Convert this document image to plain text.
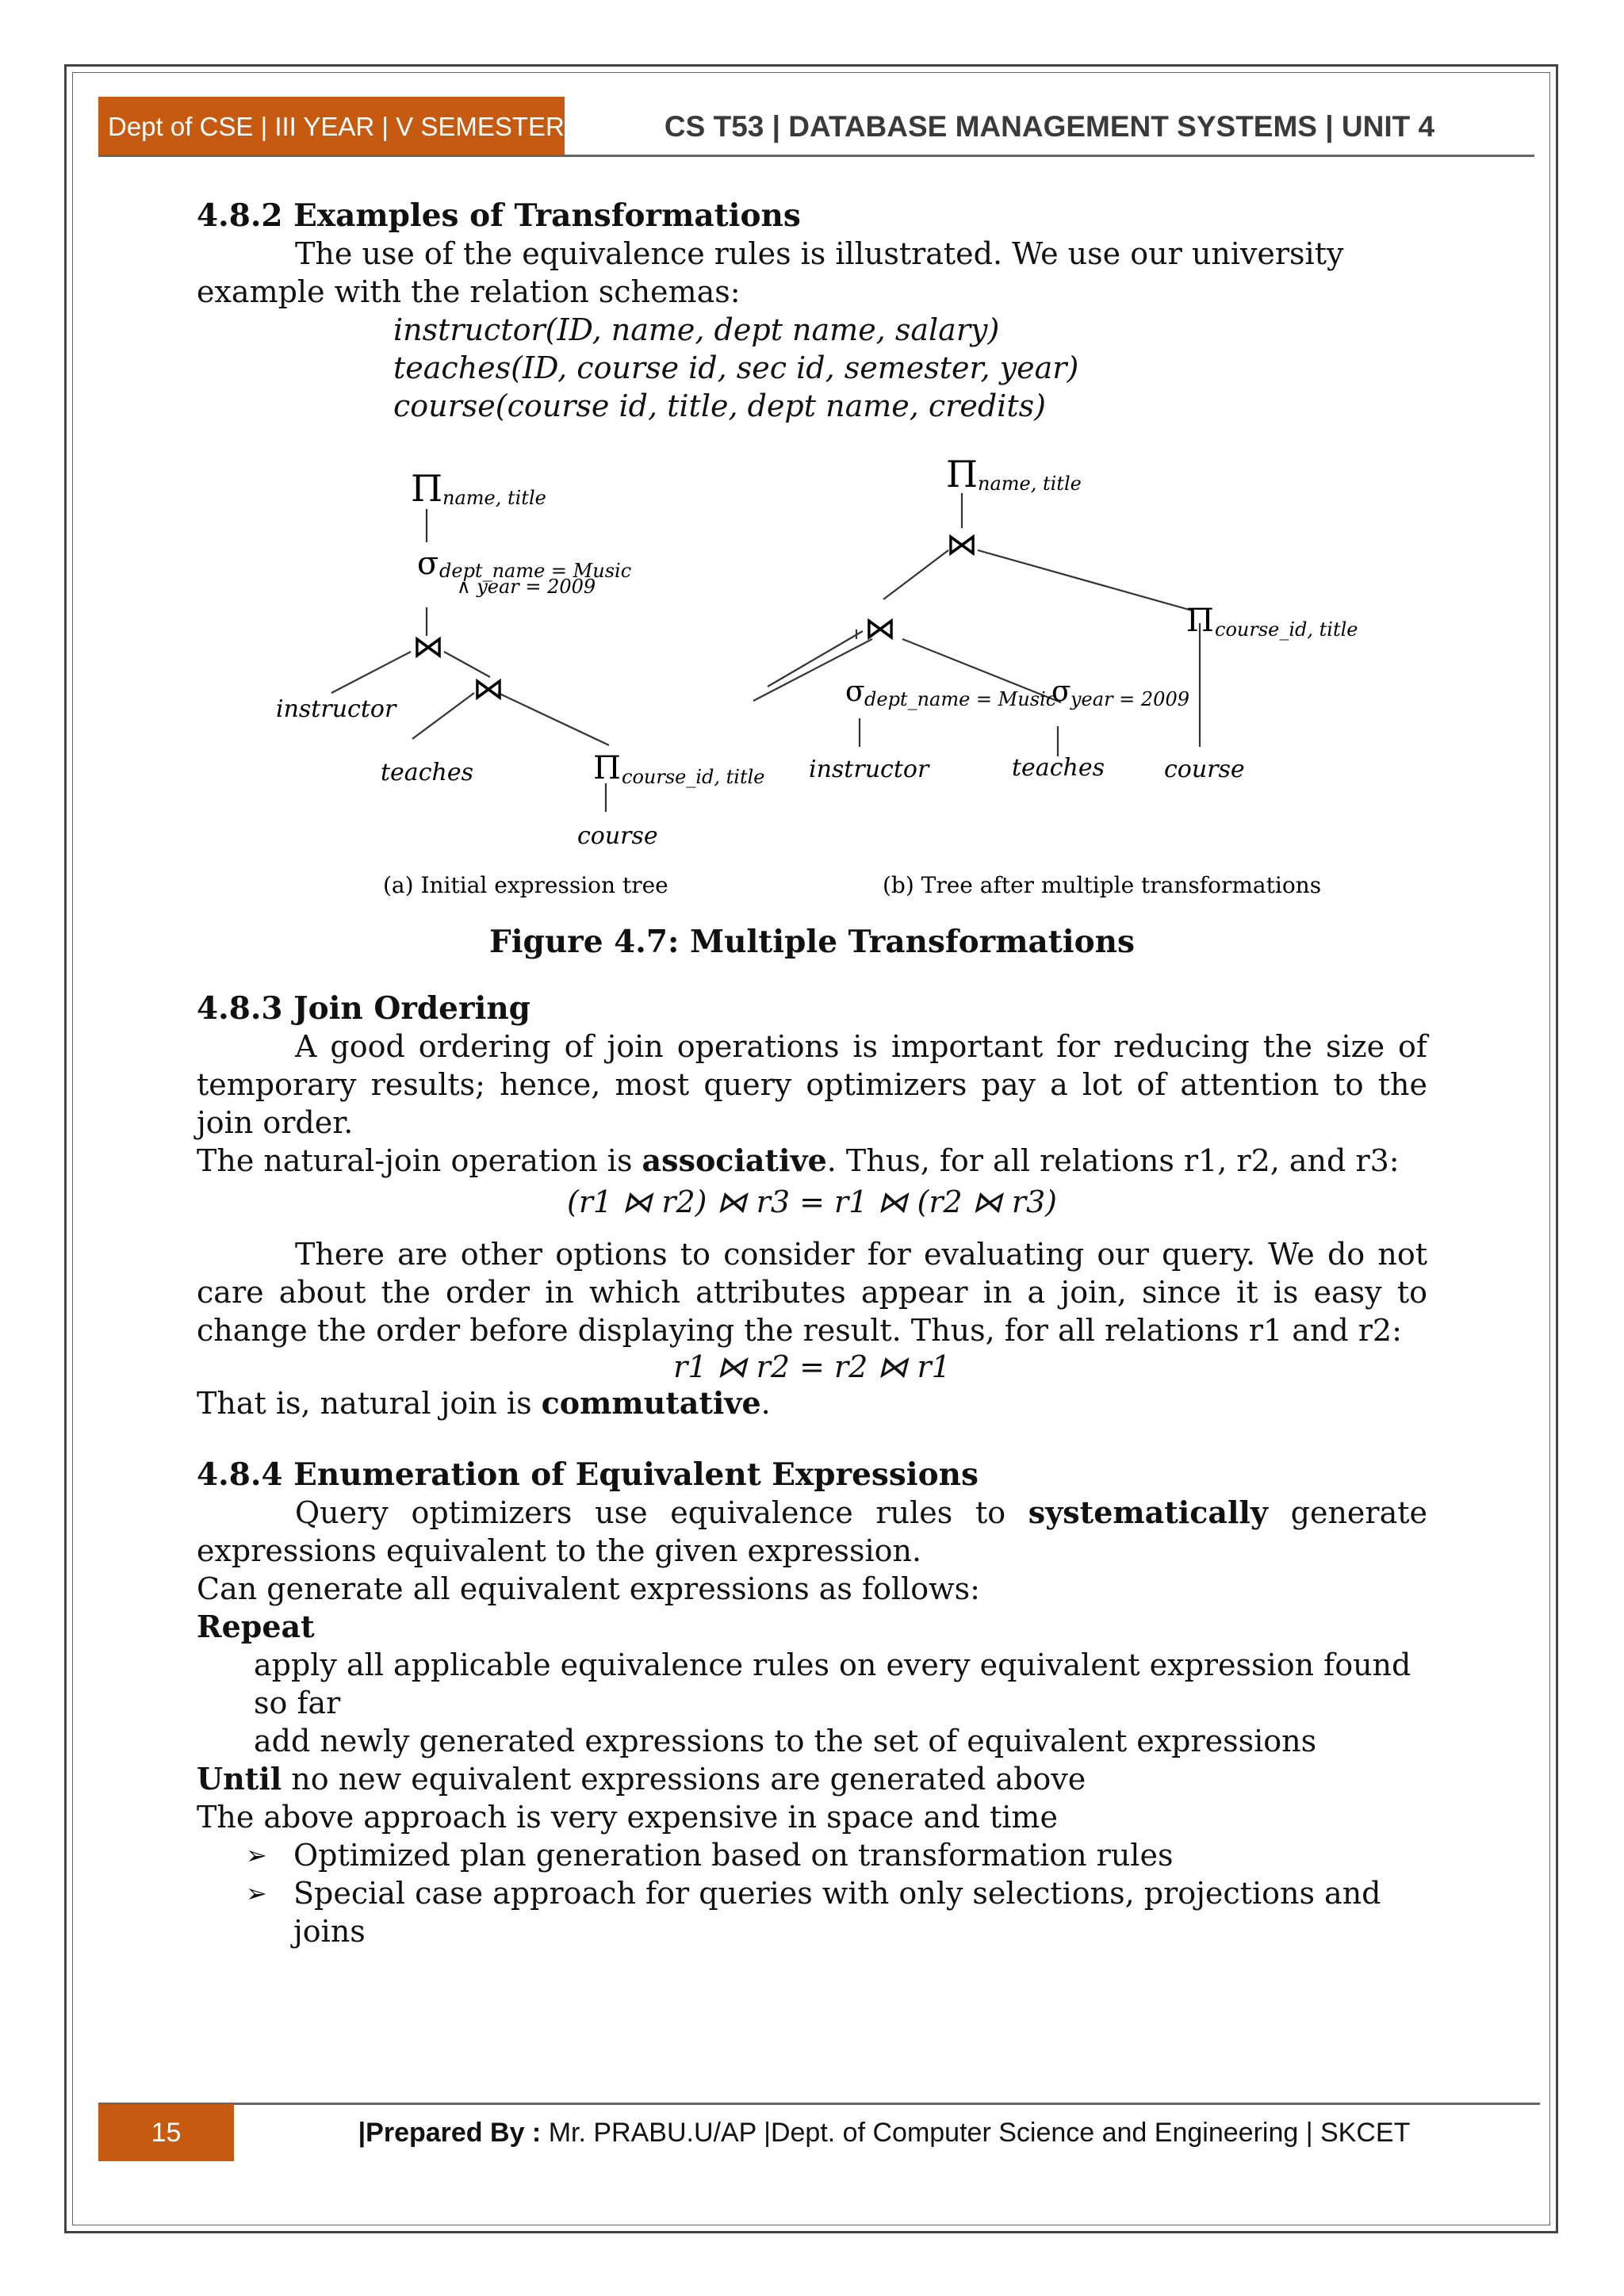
Dept of CSE | III YEAR | V SEMESTER	CS T53 | DATABASE MANAGEMENT SYSTEMS | UNIT 4

4.8.2 Examples of Transformations

The use of the equivalence rules is illustrated. We use our university example with the relation schemas:

instructor(ID, name, dept name, salary)

teaches(ID, course id, sec id, semester, year)

course(course id, title, dept name, credits)

Π name, title
σ dept_name = Music
∧ year = 2009
⋈
instructor
⋈
teaches	Π course_id, title
course
(a) Initial expression tree
Π name, title
⋈
⋈	Π course_id, title
σ dept_name = Music
σ year = 2009
instructor	teaches	course
(b) Tree after multiple transformations

Figure 4.7: Multiple Transformations

4.8.3 Join Ordering

A good ordering of join operations is important for reducing the size of temporary results; hence, most query optimizers pay a lot of attention to the join order.

The natural-join operation is associative. Thus, for all relations r1, r2, and r3:

(r1 ⋈ r2) ⋈ r3 = r1 ⋈ (r2 ⋈ r3)

There are other options to consider for evaluating our query. We do not care about the order in which attributes appear in a join, since it is easy to change the order before displaying the result. Thus, for all relations r1 and r2:

r1 ⋈ r2 = r2 ⋈ r1

That is, natural join is commutative.

4.8.4 Enumeration of Equivalent Expressions

Query optimizers use equivalence rules to systematically generate expressions equivalent to the given expression.

Can generate all equivalent expressions as follows:

Repeat

apply all applicable equivalence rules on every equivalent expression found so far

add newly generated expressions to the set of equivalent expressions

Until no new equivalent expressions are generated above

The above approach is very expensive in space and time

➢ Optimized plan generation based on transformation rules

➢ Special case approach for queries with only selections, projections and joins

15	|Prepared By : Mr. PRABU.U/AP |Dept. of Computer Science and Engineering | SKCET
